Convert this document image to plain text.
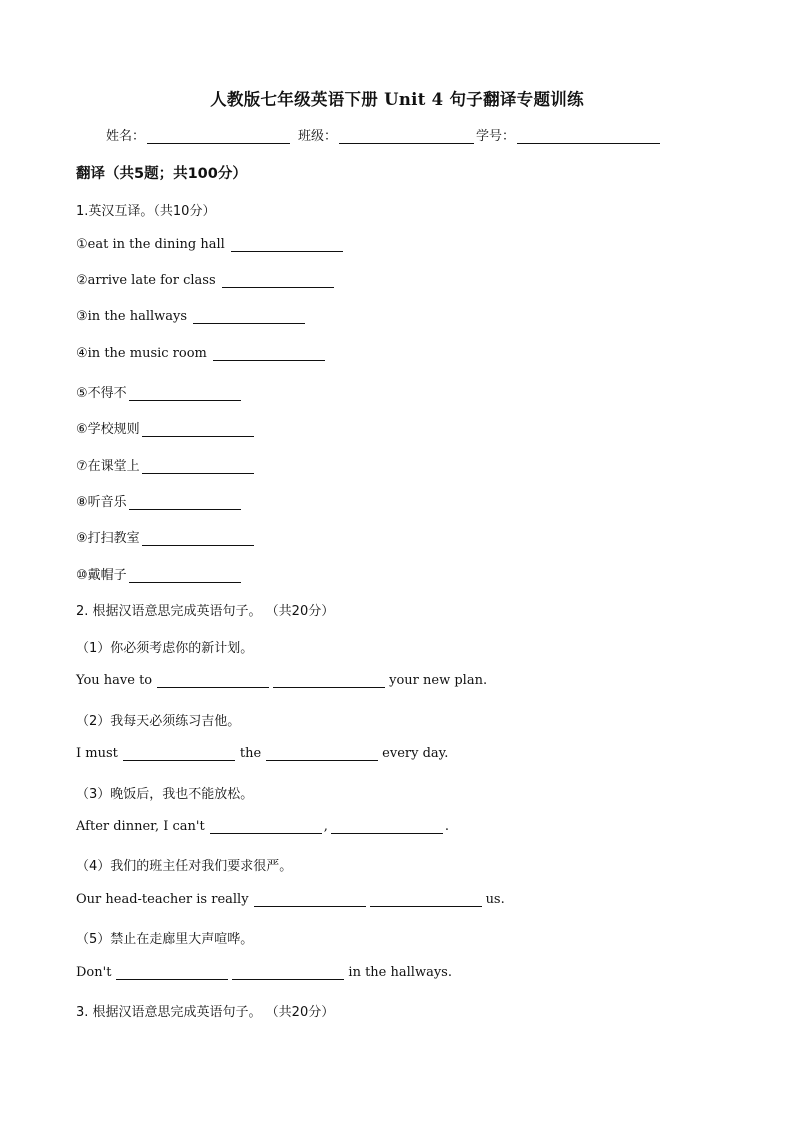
人教版七年级英语下册 Unit 4 句子翻译专题训练
姓名：	班级：	学号：
翻译（共5题；共100分）
1.英汉互译。（共10分）
①eat in the dining hall
②arrive late for class
③in the hallways
④in the music room
⑤不得不
⑥学校规则
⑦在课堂上
⑧听音乐
⑨打扫教室
⑩戴帽子
2. 根据汉语意思完成英语句子。 （共20分）
（1）你必须考虑你的新计划。
You have to	your new plan.
（2）我每天必须练习吉他。
I must	the	every day.
（3）晚饭后，我也不能放松。
After dinner, I can't	,	.
（4）我们的班主任对我们要求很严。
Our head-teacher is really	us.
（5）禁止在走廊里大声喧哗。
Don't	in the hallways.
3. 根据汉语意思完成英语句子。 （共20分）
